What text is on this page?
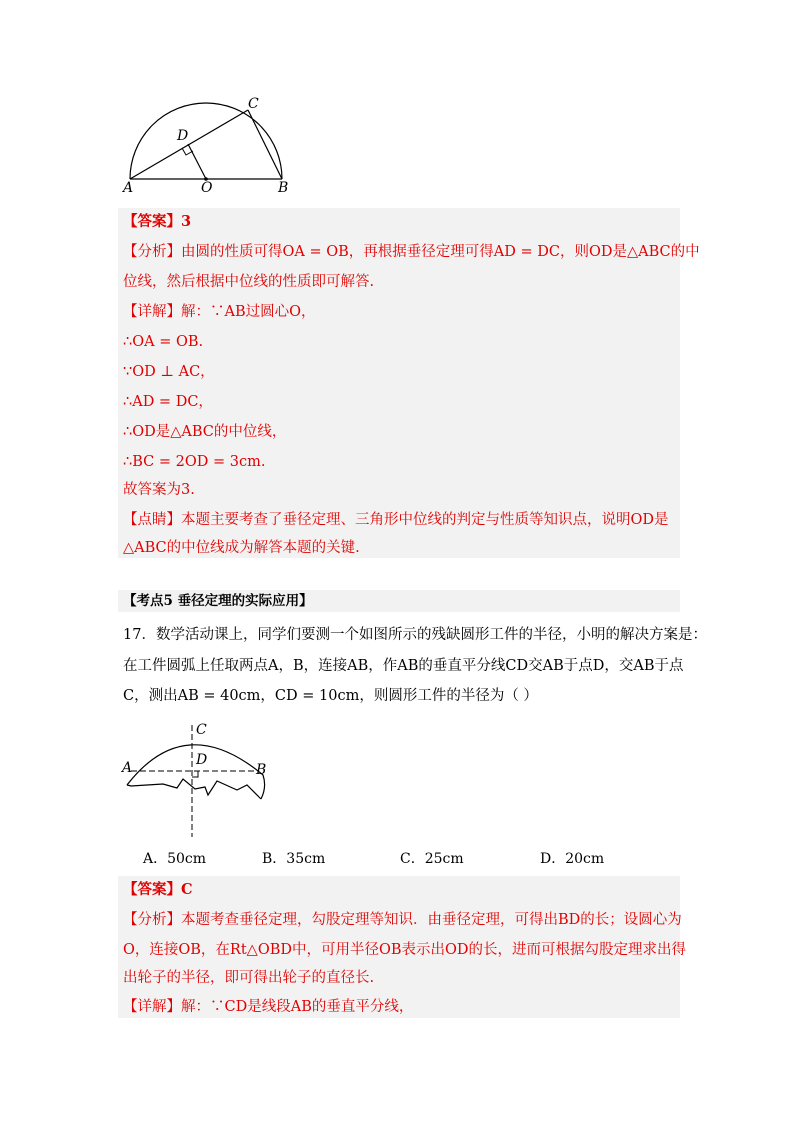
A	O	B
C
D
【答案】3
【分析】由圆的性质可得OA = OB，再根据垂径定理可得AD = DC，则OD是△ABC的中
位线，然后根据中位线的性质即可解答.
【详解】解：∵AB过圆心O，
∴OA = OB.
∵OD ⊥ AC，
∴AD = DC，
∴OD是△ABC的中位线，
∴BC = 2OD = 3cm.
故答案为3.
【点睛】本题主要考查了垂径定理、三角形中位线的判定与性质等知识点，说明OD是
△ABC的中位线成为解答本题的关键.
【考点5 垂径定理的实际应用】
17．数学活动课上，同学们要测一个如图所示的残缺圆形工件的半径，小明的解决方案是：
在工件圆弧上任取两点A，B，连接AB，作AB的垂直平分线CD交AB于点D，交AB于点
C，测出AB = 40cm，CD = 10cm，则圆形工件的半径为（ ）
A	B
C
D
A．50cm	B．35cm	C．25cm	D．20cm
【答案】C
【分析】本题考查垂径定理，勾股定理等知识．由垂径定理，可得出BD的长；设圆心为
O，连接OB，在Rt△OBD中，可用半径OB表示出OD的长，进而可根据勾股定理求出得
出轮子的半径，即可得出轮子的直径长.
【详解】解：∵CD是线段AB的垂直平分线，
